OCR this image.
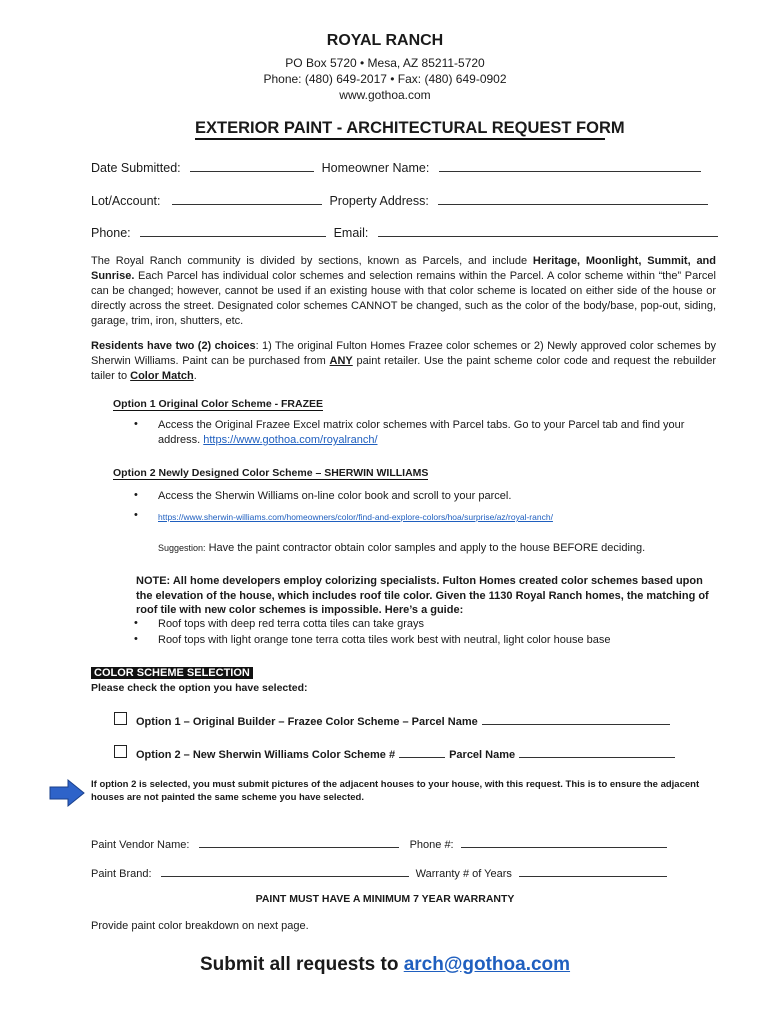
ROYAL RANCH
PO Box 5720 • Mesa, AZ 85211-5720
Phone: (480) 649-2017 • Fax: (480) 649-0902
www.gothoa.com
EXTERIOR PAINT - ARCHITECTURAL REQUEST FORM
Date Submitted:	Homeowner Name:
Lot/Account:	Property Address:
Phone:	Email:
The Royal Ranch community is divided by sections, known as Parcels, and include Heritage, Moonlight, Summit, and Sunrise. Each Parcel has individual color schemes and selection remains within the Parcel. A color scheme within “the” Parcel can be changed; however, cannot be used if an existing house with that color scheme is located on either side of the house or directly across the street. Designated color schemes CANNOT be changed, such as the color of the body/base, pop-out, siding, garage, trim, iron, shutters, etc.
Residents have two (2) choices: 1) The original Fulton Homes Frazee color schemes or 2) Newly approved color schemes by Sherwin Williams. Paint can be purchased from ANY paint retailer. Use the paint scheme color code and request the rebuilder tailer to Color Match.
Option 1 Original Color Scheme - FRAZEE
• Access the Original Frazee Excel matrix color schemes with Parcel tabs. Go to your Parcel tab and find your address. https://www.gothoa.com/royalranch/
Option 2 Newly Designed Color Scheme – SHERWIN WILLIAMS
• Access the Sherwin Williams on-line color book and scroll to your parcel.
• https://www.sherwin-williams.com/homeowners/color/find-and-explore-colors/hoa/surprise/az/royal-ranch/
Suggestion: Have the paint contractor obtain color samples and apply to the house BEFORE deciding.
NOTE: All home developers employ colorizing specialists. Fulton Homes created color schemes based upon the elevation of the house, which includes roof tile color. Given the 1130 Royal Ranch homes, the matching of roof tile with new color schemes is impossible. Here’s a guide:
• Roof tops with deep red terra cotta tiles can take grays
• Roof tops with light orange tone terra cotta tiles work best with neutral, light color house base
COLOR SCHEME SELECTION
Please check the option you have selected:
Option 1 – Original Builder – Frazee Color Scheme – Parcel Name
Option 2 – New Sherwin Williams Color Scheme #	Parcel Name
If option 2 is selected, you must submit pictures of the adjacent houses to your house, with this request. This is to ensure the adjacent houses are not painted the same scheme you have selected.
Paint Vendor Name:	Phone #:
Paint Brand:	Warranty # of Years
PAINT MUST HAVE A MINIMUM 7 YEAR WARRANTY
Provide paint color breakdown on next page.
Submit all requests to arch@gothoa.com
